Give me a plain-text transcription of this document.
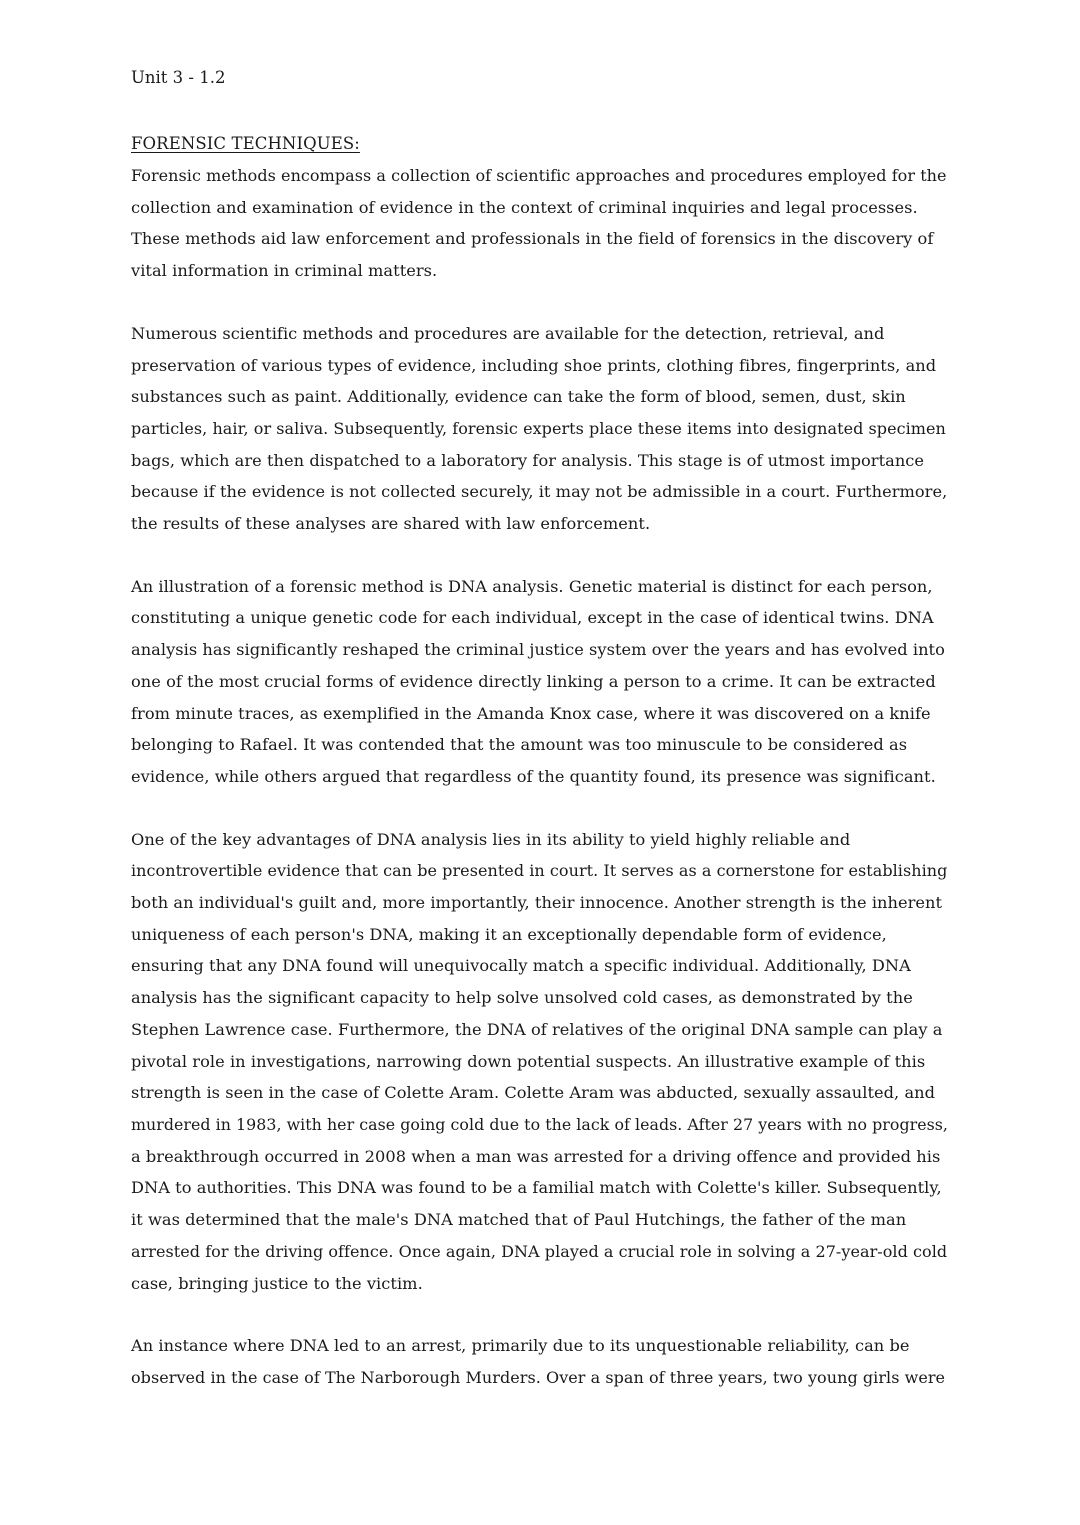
Unit 3 - 1.2
FORENSIC TECHNIQUES:

Forensic methods encompass a collection of scientific approaches and procedures employed for the
collection and examination of evidence in the context of criminal inquiries and legal processes.
These methods aid law enforcement and professionals in the field of forensics in the discovery of
vital information in criminal matters.

Numerous scientific methods and procedures are available for the detection, retrieval, and
preservation of various types of evidence, including shoe prints, clothing fibres, fingerprints, and
substances such as paint. Additionally, evidence can take the form of blood, semen, dust, skin
particles, hair, or saliva. Subsequently, forensic experts place these items into designated specimen
bags, which are then dispatched to a laboratory for analysis. This stage is of utmost importance
because if the evidence is not collected securely, it may not be admissible in a court. Furthermore,
the results of these analyses are shared with law enforcement.

An illustration of a forensic method is DNA analysis. Genetic material is distinct for each person,
constituting a unique genetic code for each individual, except in the case of identical twins. DNA
analysis has significantly reshaped the criminal justice system over the years and has evolved into
one of the most crucial forms of evidence directly linking a person to a crime. It can be extracted
from minute traces, as exemplified in the Amanda Knox case, where it was discovered on a knife
belonging to Rafael. It was contended that the amount was too minuscule to be considered as
evidence, while others argued that regardless of the quantity found, its presence was significant.

One of the key advantages of DNA analysis lies in its ability to yield highly reliable and
incontrovertible evidence that can be presented in court. It serves as a cornerstone for establishing
both an individual's guilt and, more importantly, their innocence. Another strength is the inherent
uniqueness of each person's DNA, making it an exceptionally dependable form of evidence,
ensuring that any DNA found will unequivocally match a specific individual. Additionally, DNA
analysis has the significant capacity to help solve unsolved cold cases, as demonstrated by the
Stephen Lawrence case. Furthermore, the DNA of relatives of the original DNA sample can play a
pivotal role in investigations, narrowing down potential suspects. An illustrative example of this
strength is seen in the case of Colette Aram. Colette Aram was abducted, sexually assaulted, and
murdered in 1983, with her case going cold due to the lack of leads. After 27 years with no progress,
a breakthrough occurred in 2008 when a man was arrested for a driving offence and provided his
DNA to authorities. This DNA was found to be a familial match with Colette's killer. Subsequently,
it was determined that the male's DNA matched that of Paul Hutchings, the father of the man
arrested for the driving offence. Once again, DNA played a crucial role in solving a 27-year-old cold
case, bringing justice to the victim.

An instance where DNA led to an arrest, primarily due to its unquestionable reliability, can be
observed in the case of The Narborough Murders. Over a span of three years, two young girls were
